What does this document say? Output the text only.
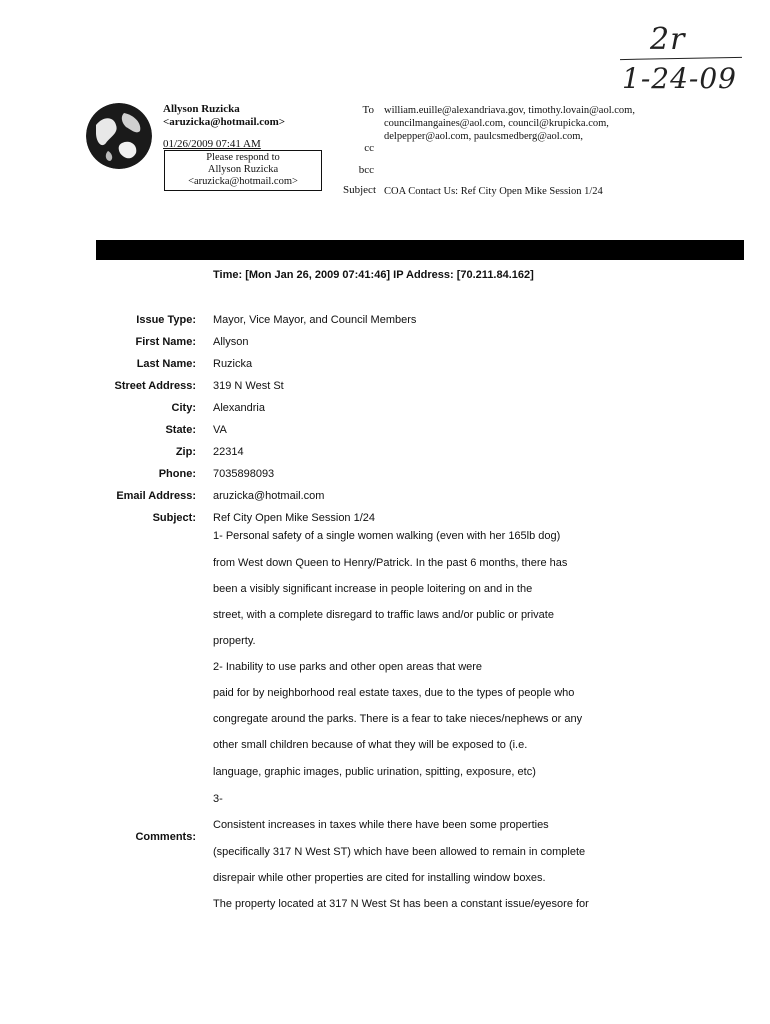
2r
1-24-09
Allyson Ruzicka
<aruzicka@hotmail.com>
01/26/2009 07:41 AM
Please respond to
Allyson Ruzicka
<aruzicka@hotmail.com>
To william.euille@alexandriava.gov, timothy.lovain@aol.com,
councilmangaines@aol.com, council@krupicka.com,
delpepper@aol.com, paulcsmedberg@aol.com,
cc
bcc
Subject COA Contact Us: Ref City Open Mike Session 1/24
Time: [Mon Jan 26, 2009 07:41:46] IP Address: [70.211.84.162]
Issue Type: Mayor, Vice Mayor, and Council Members
First Name: Allyson
Last Name: Ruzicka
Street Address: 319 N West St
City: Alexandria
State: VA
Zip: 22314
Phone: 7035898093
Email Address: aruzicka@hotmail.com
Subject: Ref City Open Mike Session 1/24
Comments:
1- Personal safety of a single women walking (even with her 165lb dog)
from West down Queen to Henry/Patrick. In the past 6 months, there has
been a visibly significant increase in people loitering on and in the
street, with a complete disregard to traffic laws and/or public or private
property.
2- Inability to use parks and other open areas that were
paid for by neighborhood real estate taxes, due to the types of people who
congregate around the parks. There is a fear to take nieces/nephews or any
other small children because of what they will be exposed to (i.e.
language, graphic images, public urination, spitting, exposure, etc)
3-
Consistent increases in taxes while there have been some properties
(specifically 317 N West ST) which have been allowed to remain in complete
disrepair while other properties are cited for installing window boxes.
The property located at 317 N West St has been a constant issue/eyesore for
